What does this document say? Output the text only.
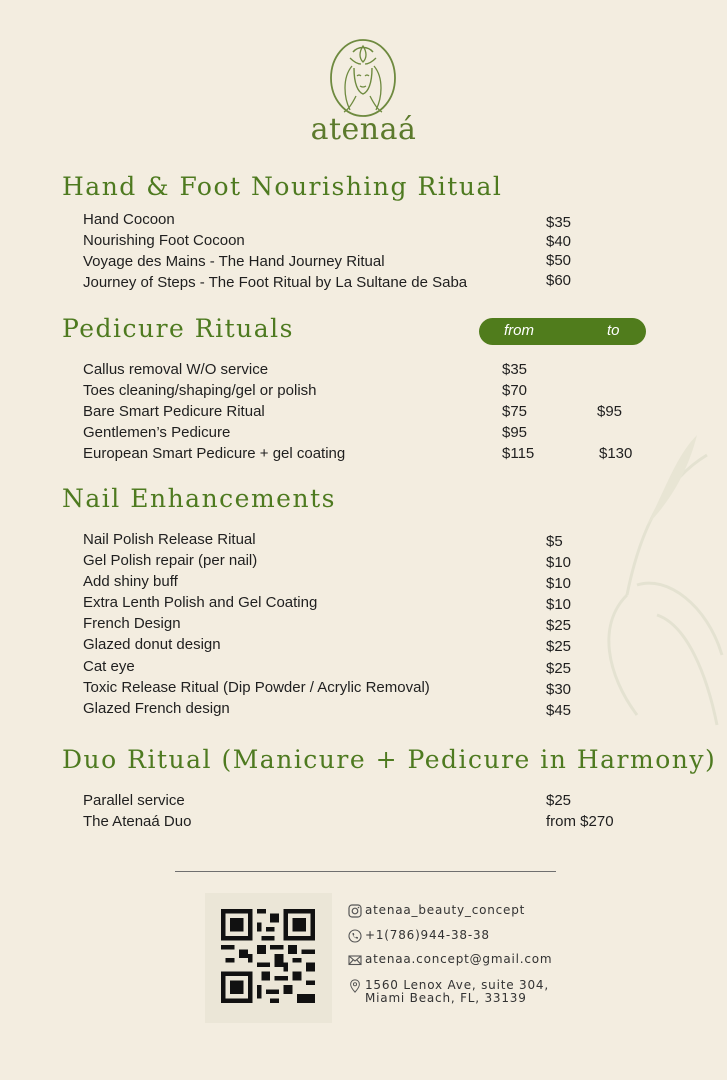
atenaá
Hand & Foot Nourishing Ritual
Hand Cocoon	$35
Nourishing Foot Cocoon	$40
Voyage des Mains - The Hand Journey Ritual	$50
Journey of Steps - The Foot Ritual by La Sultane de Saba	$60
Pedicure Rituals	from	to
Callus removal W/O service	$35
Toes cleaning/shaping/gel or polish	$70
Bare Smart Pedicure Ritual	$75	$95
Gentlemen’s Pedicure	$95
European Smart Pedicure + gel coating	$115	$130
Nail Enhancements
Nail Polish Release Ritual	$5
Gel Polish repair (per nail)	$10
Add shiny buff	$10
Extra Lenth Polish and Gel Coating	$10
French Design	$25
Glazed donut design	$25
Cat eye	$25
Toxic Release Ritual (Dip Powder / Acrylic Removal)	$30
Glazed French design	$45
Duo Ritual (Manicure + Pedicure in Harmony)
Parallel service	$25
The Atenaá Duo	from $270
atenaa_beauty_concept
+1(786)944-38-38
atenaa.concept@gmail.com
1560 Lenox Ave, suite 304,
Miami Beach, FL, 33139
